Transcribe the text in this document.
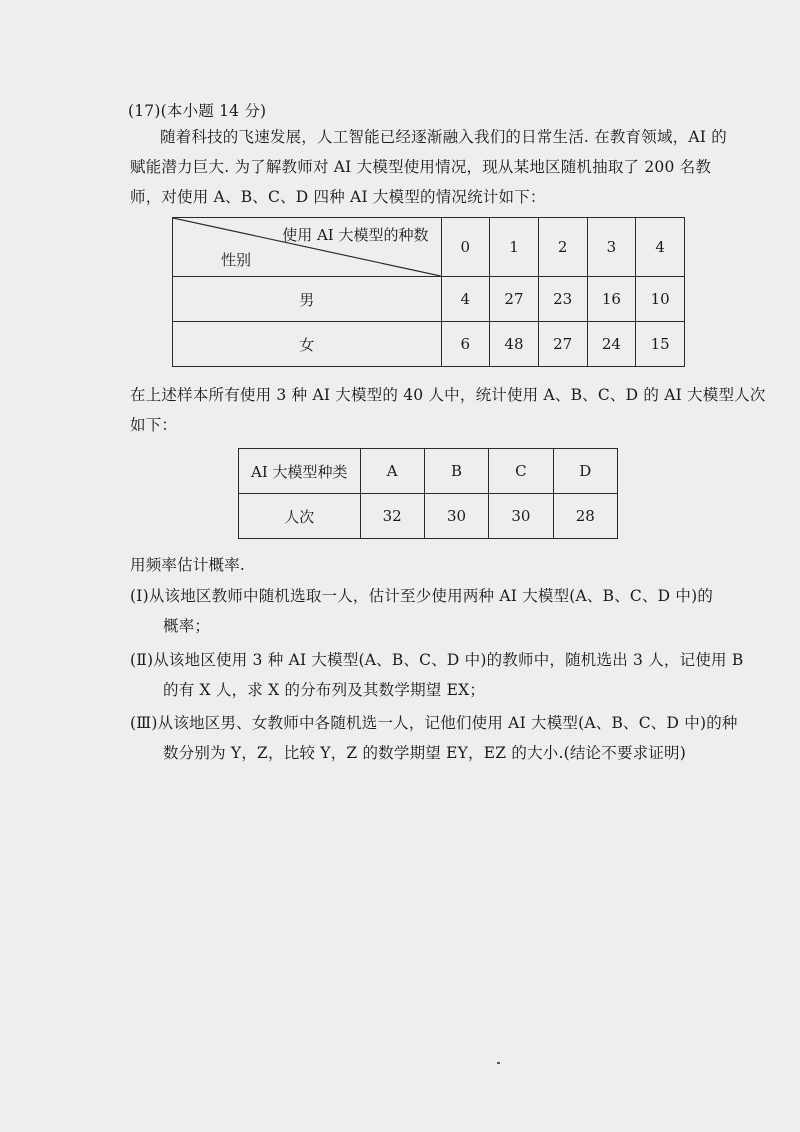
(17)(本小题 14 分)
随着科技的飞速发展，人工智能已经逐渐融入我们的日常生活. 在教育领域，AI 的
赋能潜力巨大. 为了解教师对 AI 大模型使用情况，现从某地区随机抽取了 200 名教
师，对使用 A、B、C、D 四种 AI 大模型的情况统计如下：
使用 AI 大模型的种数
性别	0	1	2	3	4
男	4	27	23	16	10
女	6	48	27	24	15
在上述样本所有使用 3 种 AI 大模型的 40 人中，统计使用 A、B、C、D 的 AI 大模型人次
如下：
AI 大模型种类	A	B	C	D
人次	32	30	30	28
用频率估计概率.
(Ⅰ)从该地区教师中随机选取一人，估计至少使用两种 AI 大模型(A、B、C、D 中)的
概率；
(Ⅱ)从该地区使用 3 种 AI 大模型(A、B、C、D 中)的教师中，随机选出 3 人，记使用 B
的有 X 人，求 X 的分布列及其数学期望 EX；
(Ⅲ)从该地区男、女教师中各随机选一人，记他们使用 AI 大模型(A、B、C、D 中)的种
数分别为 Y，Z，比较 Y，Z 的数学期望 EY，EZ 的大小.(结论不要求证明)
